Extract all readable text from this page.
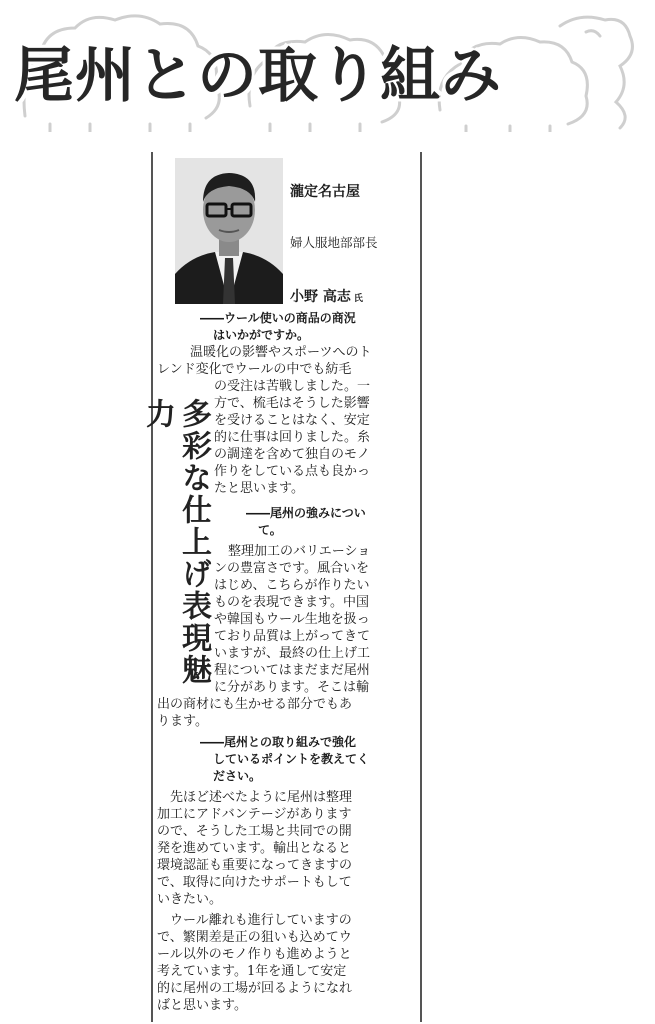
尾州との取り組み
瀧定名古屋
婦人服地部部長
小野 高志 氏
多彩な仕上げ表現魅力
――ウール使いの商品の商況
はいかがですか。
温暖化の影響やスポーツへのト
レンド変化でウールの中でも紡毛
の受注は苦戦しました。一
方で、梳毛はそうした影響
を受けることはなく、安定
的に仕事は回りました。糸
の調達を含めて独自のモノ
作りをしている点も良かっ
たと思います。
――尾州の強みについ
て。
整理加工のバリエーショ
ンの豊富さです。風合いを
はじめ、こちらが作りたい
ものを表現できます。中国
や韓国もウール生地を扱っ
ており品質は上がってきて
いますが、最終の仕上げ工
程についてはまだまだ尾州
に分があります。そこは輸
出の商材にも生かせる部分でもあ
ります。
――尾州との取り組みで強化
しているポイントを教えてく
ださい。
先ほど述べたように尾州は整理
加工にアドバンテージがあります
ので、そうした工場と共同での開
発を進めています。輸出となると
環境認証も重要になってきますの
で、取得に向けたサポートもして
いきたい。
ウール離れも進行していますの
で、繁閑差是正の狙いも込めてウ
ール以外のモノ作りも進めようと
考えています。1年を通して安定
的に尾州の工場が回るようになれ
ばと思います。
